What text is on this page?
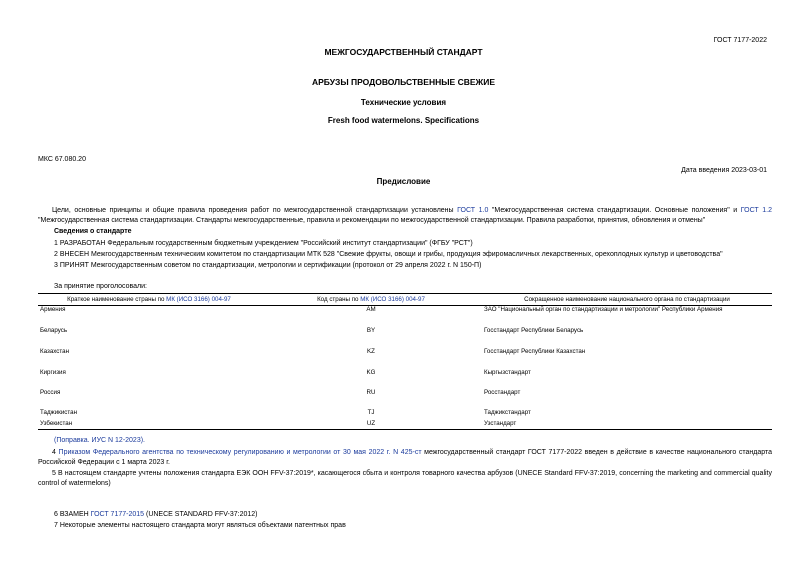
ГОСТ 7177-2022
МЕЖГОСУДАРСТВЕННЫЙ СТАНДАРТ
АРБУЗЫ ПРОДОВОЛЬСТВЕННЫЕ СВЕЖИЕ
Технические условия
Fresh food watermelons. Specifications
МКС 67.080.20
Дата введения 2023-03-01
Предисловие
Цели, основные принципы и общие правила проведения работ по межгосударственной стандартизации установлены ГОСТ 1.0 "Межгосударственная система стандартизации. Основные положения" и ГОСТ 1.2 "Межгосударственная система стандартизации. Стандарты межгосударственные, правила и рекомендации по межгосударственной стандартизации. Правила разработки, принятия, обновления и отмены"
Сведения о стандарте
1 РАЗРАБОТАН Федеральным государственным бюджетным учреждением "Российский институт стандартизации" (ФГБУ "РСТ")
2 ВНЕСЕН Межгосударственным техническим комитетом по стандартизации МТК 528 "Свежие фрукты, овощи и грибы, продукция эфиромасличных лекарственных, орехоплодных культур и цветоводства"
3 ПРИНЯТ Межгосударственным советом по стандартизации, метрологии и сертификации (протокол от 29 апреля 2022 г. N 150-П)
За принятие проголосовали:
Краткое наименование страны по МК (ИСО 3166) 004-97	Код страны по МК (ИСО 3166) 004-97	Сокращенное наименование национального органа по стандартизации
Армения	AM	ЗАО "Национальный орган по стандартизации и метрологии" Республики Армения
Беларусь	BY	Госстандарт Республики Беларусь
Казахстан	KZ	Госстандарт Республики Казахстан
Киргизия	KG	Кыргызстандарт
Россия	RU	Росстандарт
Таджикистан	TJ	Таджикстандарт
Узбекистан	UZ	Узстандарт
(Поправка. ИУС N 12-2023).
4 Приказом Федерального агентства по техническому регулированию и метрологии от 30 мая 2022 г. N 425-ст межгосударственный стандарт ГОСТ 7177-2022 введен в действие в качестве национального стандарта Российской Федерации с 1 марта 2023 г.
5 В настоящем стандарте учтены положения стандарта ЕЭК ООН FFV-37:2019*, касающегося сбыта и контроля товарного качества арбузов (UNECE Standard FFV-37:2019, concerning the marketing and commercial quality control of watermelons)
6 ВЗАМЕН ГОСТ 7177-2015 (UNECE STANDARD FFV-37:2012)
7 Некоторые элементы настоящего стандарта могут являться объектами патентных прав
